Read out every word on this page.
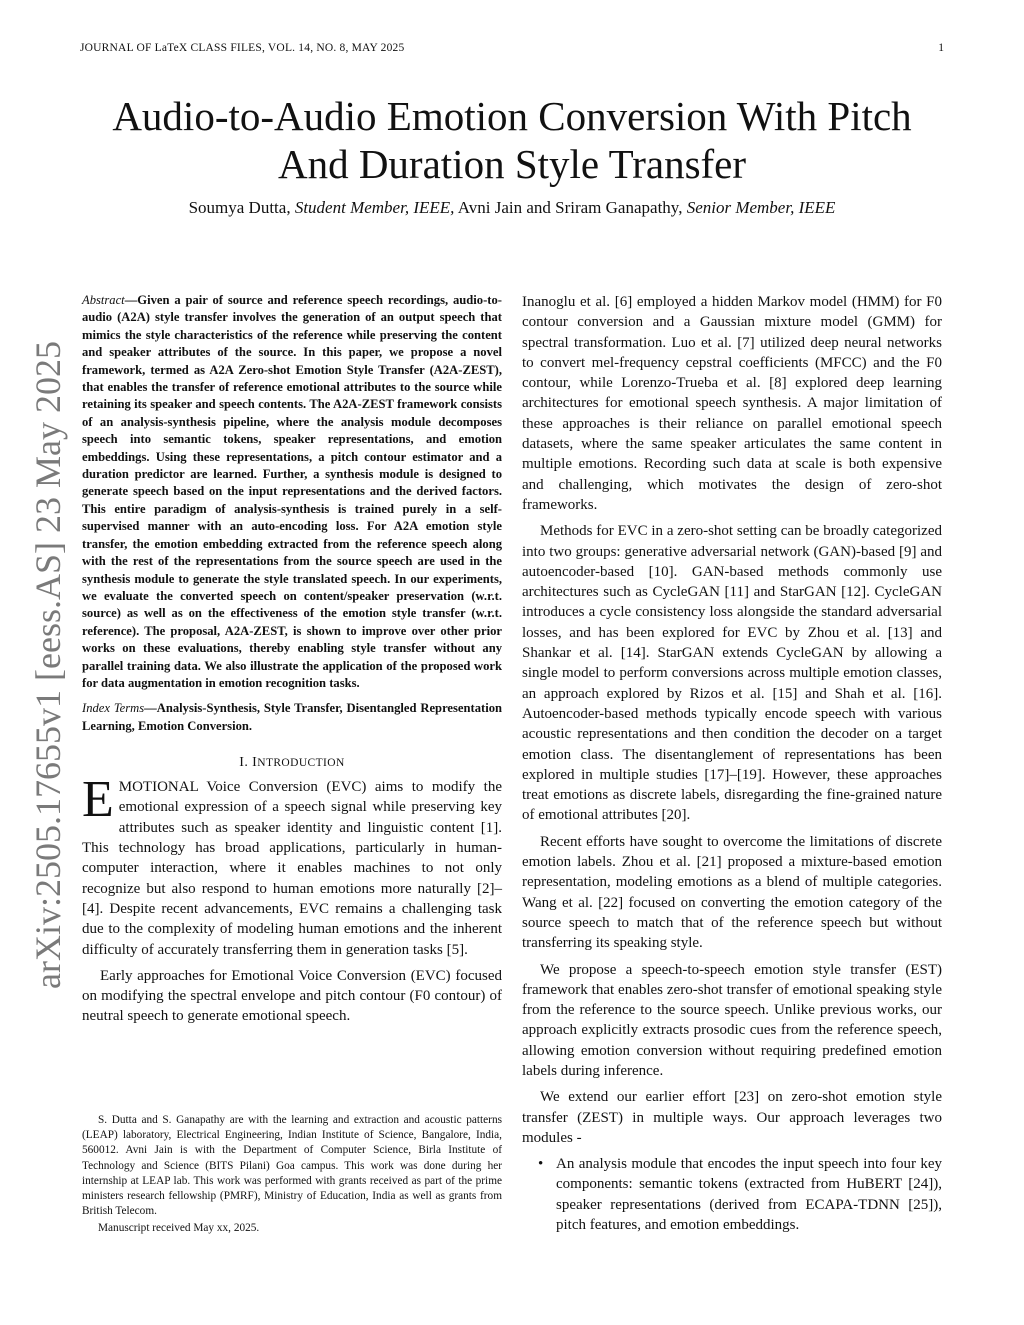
JOURNAL OF LaTeX CLASS FILES, VOL. 14, NO. 8, MAY 2025	1
Audio-to-Audio Emotion Conversion With Pitch
And Duration Style Transfer
Soumya Dutta, Student Member, IEEE, Avni Jain and Sriram Ganapathy, Senior Member, IEEE
arXiv:2505.17655v1 [eess.AS] 23 May 2025

Abstract—Given a pair of source and reference speech recordings, audio-to-audio (A2A) style transfer involves the generation of an output speech that mimics the style characteristics of the reference while preserving the content and speaker attributes of the source. In this paper, we propose a novel framework, termed as A2A Zero-shot Emotion Style Transfer (A2A-ZEST), that enables the transfer of reference emotional attributes to the source while retaining its speaker and speech contents. The A2A-ZEST framework consists of an analysis-synthesis pipeline, where the analysis module decomposes speech into semantic tokens, speaker representations, and emotion embeddings. Using these representations, a pitch contour estimator and a duration predictor are learned. Further, a synthesis module is designed to generate speech based on the input representations and the derived factors. This entire paradigm of analysis-synthesis is trained purely in a self-supervised manner with an auto-encoding loss. For A2A emotion style transfer, the emotion embedding extracted from the reference speech along with the rest of the representations from the source speech are used in the synthesis module to generate the style translated speech. In our experiments, we evaluate the converted speech on content/speaker preservation (w.r.t. source) as well as on the effectiveness of the emotion style transfer (w.r.t. reference). The proposal, A2A-ZEST, is shown to improve over other prior works on these evaluations, thereby enabling style transfer without any parallel training data. We also illustrate the application of the proposed work for data augmentation in emotion recognition tasks.

Index Terms—Analysis-Synthesis, Style Transfer, Disentangled Representation Learning, Emotion Conversion.
I. INTRODUCTION

EMOTIONAL Voice Conversion (EVC) aims to modify the emotional expression of a speech signal while preserving key attributes such as speaker identity and linguistic content [1]. This technology has broad applications, particularly in human-computer interaction, where it enables machines to not only recognize but also respond to human emotions more naturally [2]–[4]. Despite recent advancements, EVC remains a challenging task due to the complexity of modeling human emotions and the inherent difficulty of accurately transferring them in generation tasks [5].

Early approaches for Emotional Voice Conversion (EVC) focused on modifying the spectral envelope and pitch contour (F0 contour) of neutral speech to generate emotional speech.

S. Dutta and S. Ganapathy are with the learning and extraction and acoustic patterns (LEAP) laboratory, Electrical Engineering, Indian Institute of Science, Bangalore, India, 560012. Avni Jain is with the Department of Computer Science, Birla Institute of Technology and Science (BITS Pilani) Goa campus. This work was done during her internship at LEAP lab. This work was performed with grants received as part of the prime ministers research fellowship (PMRF), Ministry of Education, India as well as grants from British Telecom.

Manuscript received May xx, 2025.

Inanoglu et al. [6] employed a hidden Markov model (HMM) for F0 contour conversion and a Gaussian mixture model (GMM) for spectral transformation. Luo et al. [7] utilized deep neural networks to convert mel-frequency cepstral coefficients (MFCC) and the F0 contour, while Lorenzo-Trueba et al. [8] explored deep learning architectures for emotional speech synthesis. A major limitation of these approaches is their reliance on parallel emotional speech datasets, where the same speaker articulates the same content in multiple emotions. Recording such data at scale is both expensive and challenging, which motivates the design of zero-shot frameworks.

Methods for EVC in a zero-shot setting can be broadly categorized into two groups: generative adversarial network (GAN)-based [9] and autoencoder-based [10]. GAN-based methods commonly use architectures such as CycleGAN [11] and StarGAN [12]. CycleGAN introduces a cycle consistency loss alongside the standard adversarial losses, and has been explored for EVC by Zhou et al. [13] and Shankar et al. [14]. StarGAN extends CycleGAN by allowing a single model to perform conversions across multiple emotion classes, an approach explored by Rizos et al. [15] and Shah et al. [16]. Autoencoder-based methods typically encode speech with various acoustic representations and then condition the decoder on a target emotion class. The disentanglement of representations has been explored in multiple studies [17]–[19]. However, these approaches treat emotions as discrete labels, disregarding the fine-grained nature of emotional attributes [20].

Recent efforts have sought to overcome the limitations of discrete emotion labels. Zhou et al. [21] proposed a mixture-based emotion representation, modeling emotions as a blend of multiple categories. Wang et al. [22] focused on converting the emotion category of the source speech to match that of the reference speech but without transferring its speaking style.

We propose a speech-to-speech emotion style transfer (EST) framework that enables zero-shot transfer of emotional speaking style from the reference to the source speech. Unlike previous works, our approach explicitly extracts prosodic cues from the reference speech, allowing emotion conversion without requiring predefined emotion labels during inference.

We extend our earlier effort [23] on zero-shot emotion style transfer (ZEST) in multiple ways. Our approach leverages two modules -

• An analysis module that encodes the input speech into four key components: semantic tokens (extracted from HuBERT [24]), speaker representations (derived from ECAPA-TDNN [25]), pitch features, and emotion embeddings.
